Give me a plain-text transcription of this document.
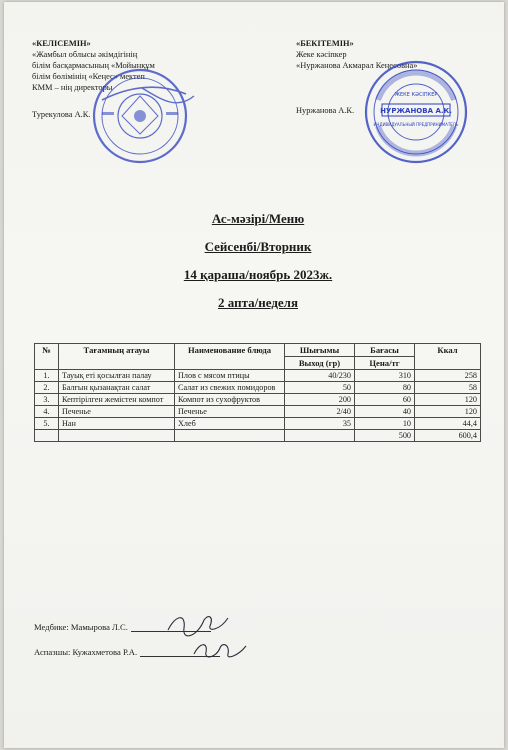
«КЕЛІСЕМІН»
«Жамбыл облысы әкімдігінің
білім басқармасының «Мойынқұм
білім бөлімінің «Кеңес» мектеп
КММ – нің директоры
Турекулова А.К.
«БЕКІТЕМІН»
Жеке кәсіпкер
«Нуржанова Акмарал Кеңесовна»
Нуржанова А.К.
ЖЕКЕ КӘСІПКЕР
НУРЖАНОВА А.К.
ИНДИВИДУАЛЬНЫЙ ПРЕДПРИНИМАТЕЛЬ
Ас-мәзірі/Меню
Сейсенбі/Вторник
14 қараша/ноябрь 2023ж.
2 апта/неделя
№	Тағамның атауы	Наименование блюда	Шығымы	Бағасы	Ккал
			Выход (гр)	Цена/тг	
1.	Тауық еті қосылған палау	Плов с мясом птицы	40/230	310	258
2.	Балғын қызанақтан салат	Салат из свежих помидоров	50	80	58
3.	Кептірілген жемістен компот	Компот из сухофруктов	200	60	120
4.	Печенье	Печенье	2/40	40	120
5.	Нан	Хлеб	35	10	44,4
				500	600,4
Медбике: Мамырова Л.С.
Аспазшы: Кужахметова Р.А.
